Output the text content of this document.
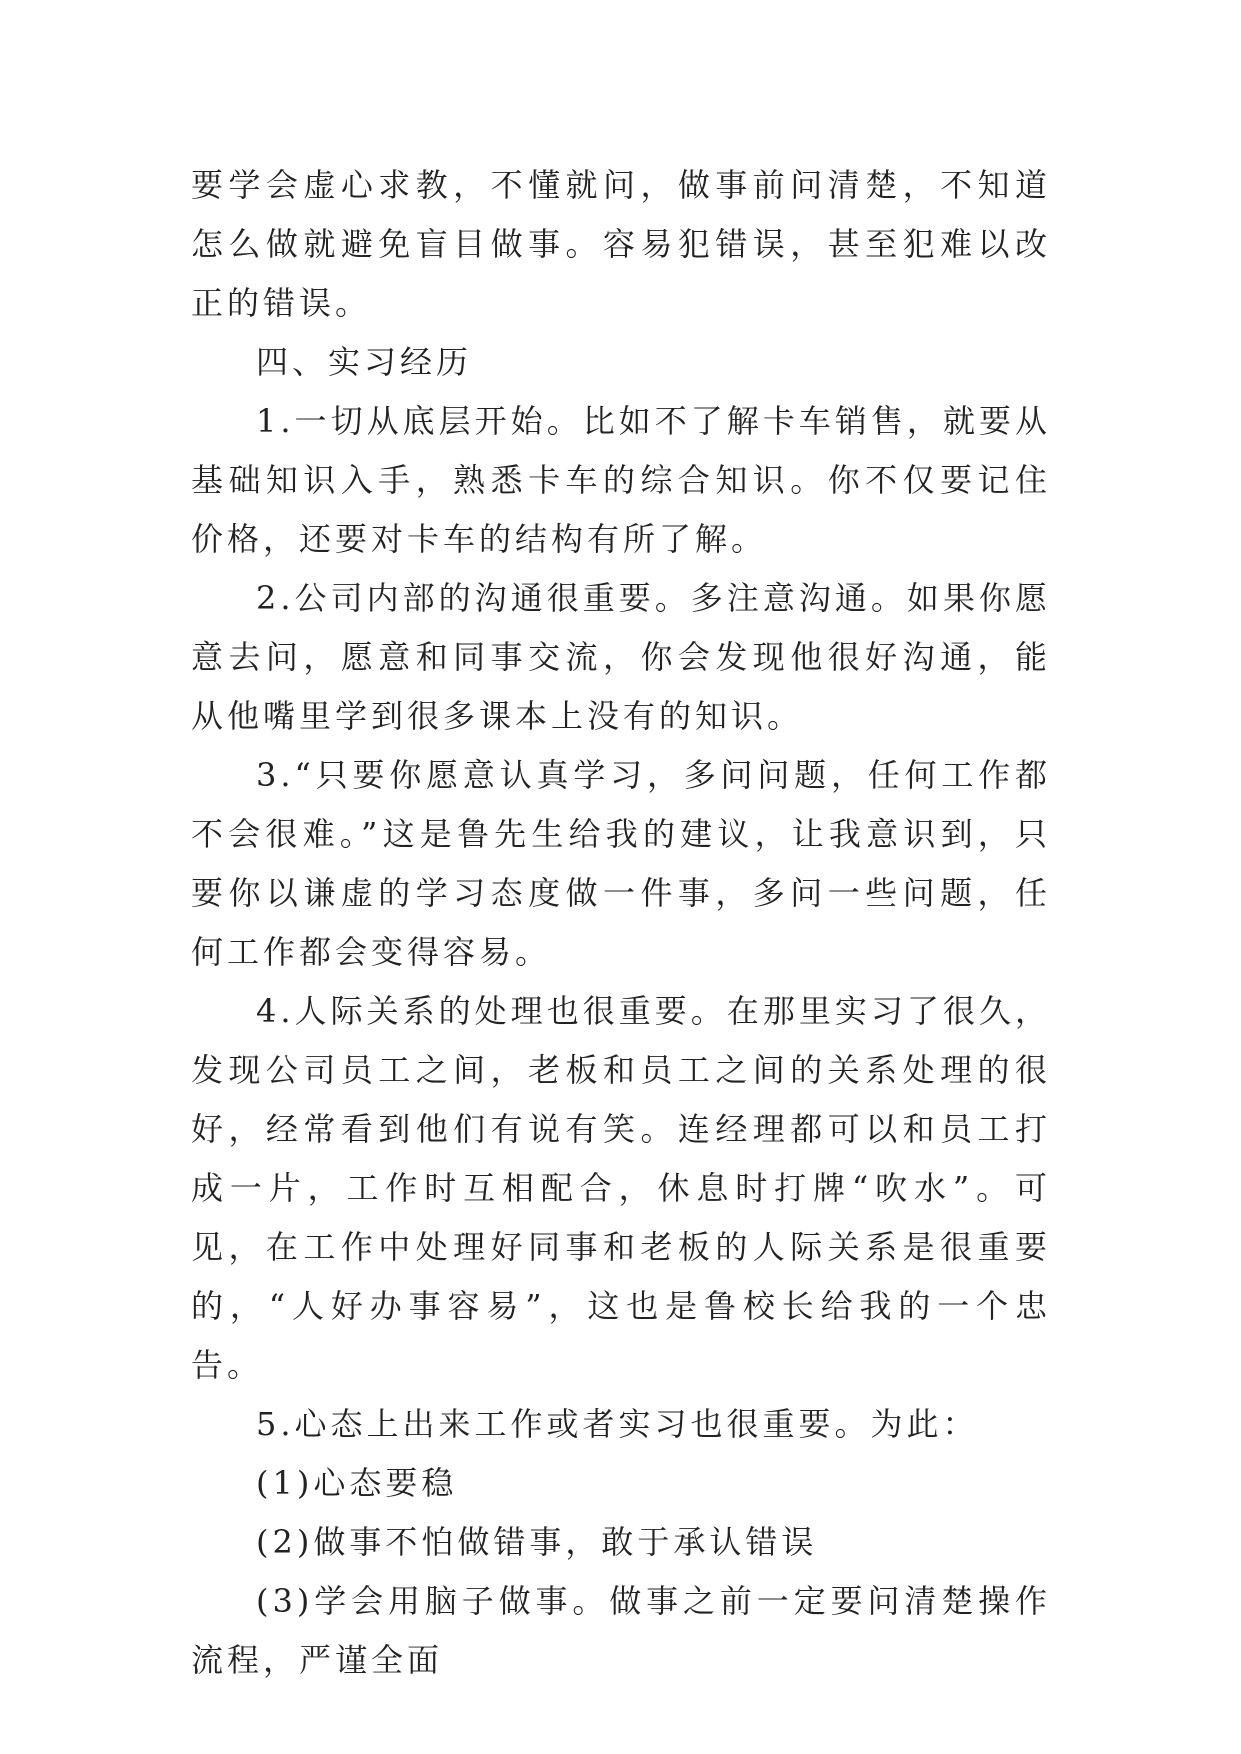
要学会虚心求教，不懂就问，做事前问清楚，不知道怎么做就避免盲目做事。容易犯错误，甚至犯难以改正的错误。

四、实习经历

1.一切从底层开始。比如不了解卡车销售，就要从基础知识入手，熟悉卡车的综合知识。你不仅要记住价格，还要对卡车的结构有所了解。

2.公司内部的沟通很重要。多注意沟通。如果你愿意去问，愿意和同事交流，你会发现他很好沟通，能从他嘴里学到很多课本上没有的知识。

3.“只要你愿意认真学习，多问问题，任何工作都不会很难。”这是鲁先生给我的建议，让我意识到，只要你以谦虚的学习态度做一件事，多问一些问题，任何工作都会变得容易。

4.人际关系的处理也很重要。在那里实习了很久，发现公司员工之间，老板和员工之间的关系处理的很好，经常看到他们有说有笑。连经理都可以和员工打成一片，工作时互相配合，休息时打牌“吹水”。可见，在工作中处理好同事和老板的人际关系是很重要的，“人好办事容易”，这也是鲁校长给我的一个忠告。

5.心态上出来工作或者实习也很重要。为此：

(1)心态要稳

(2)做事不怕做错事，敢于承认错误

(3)学会用脑子做事。做事之前一定要问清楚操作流程，严谨全面
